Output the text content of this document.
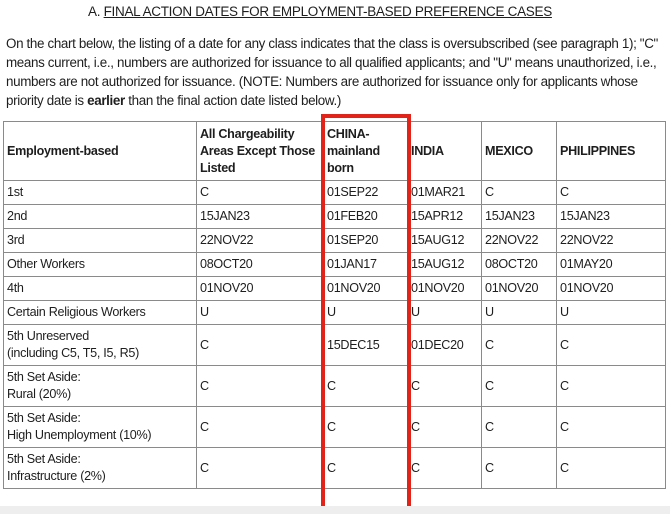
A. FINAL ACTION DATES FOR EMPLOYMENT-BASED PREFERENCE CASES

On the chart below, the listing of a date for any class indicates that the class is oversubscribed (see paragraph 1); "C" means current, i.e., numbers are authorized for issuance to all qualified applicants; and "U" means unauthorized, i.e., numbers are not authorized for issuance. (NOTE: Numbers are authorized for issuance only for applicants whose priority date is earlier than the final action date listed below.)

Employment-based	All Chargeability Areas Except Those Listed	CHINA-mainland born	INDIA	MEXICO	PHILIPPINES
1st	C	01SEP22	01MAR21	C	C
2nd	15JAN23	01FEB20	15APR12	15JAN23	15JAN23
3rd	22NOV22	01SEP20	15AUG12	22NOV22	22NOV22
Other Workers	08OCT20	01JAN17	15AUG12	08OCT20	01MAY20
4th	01NOV20	01NOV20	01NOV20	01NOV20	01NOV20
Certain Religious Workers	U	U	U	U	U
5th Unreserved
(including C5, T5, I5, R5)	C	15DEC15	01DEC20	C	C
5th Set Aside:
Rural (20%)	C	C	C	C	C
5th Set Aside:
High Unemployment (10%)	C	C	C	C	C
5th Set Aside:
Infrastructure (2%)	C	C	C	C	C
